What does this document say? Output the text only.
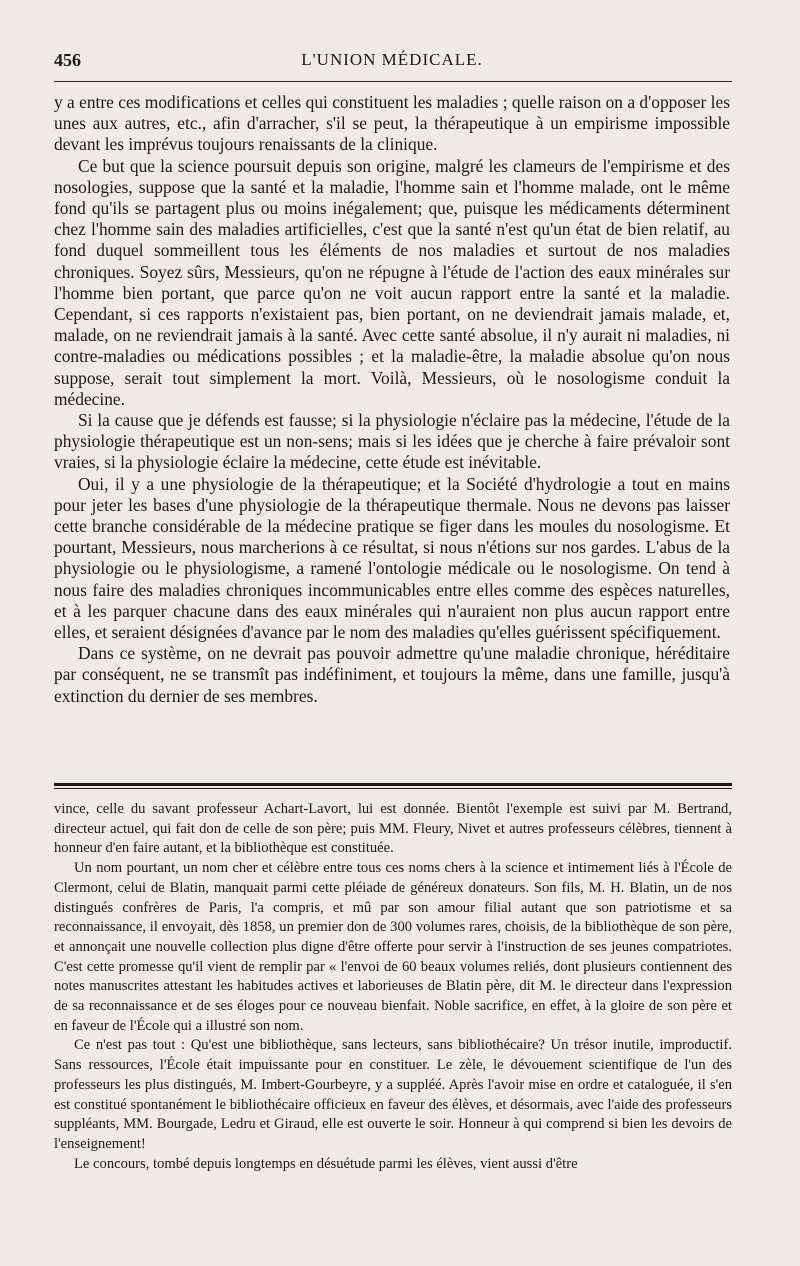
456	L'UNION MÉDICALE.

y a entre ces modifications et celles qui constituent les maladies ; quelle raison on a d'opposer les unes aux autres, etc., afin d'arracher, s'il se peut, la thérapeutique à un empirisme impossible devant les imprévus toujours renaissants de la clinique.

Ce but que la science poursuit depuis son origine, malgré les clameurs de l'empirisme et des nosologies, suppose que la santé et la maladie, l'homme sain et l'homme malade, ont le même fond qu'ils se partagent plus ou moins inégalement; que, puisque les médicaments déterminent chez l'homme sain des maladies artificielles, c'est que la santé n'est qu'un état de bien relatif, au fond duquel sommeillent tous les éléments de nos maladies et surtout de nos maladies chroniques. Soyez sûrs, Messieurs, qu'on ne répugne à l'étude de l'action des eaux minérales sur l'homme bien portant, que parce qu'on ne voit aucun rapport entre la santé et la maladie. Cependant, si ces rapports n'existaient pas, bien portant, on ne deviendrait jamais malade, et, malade, on ne reviendrait jamais à la santé. Avec cette santé absolue, il n'y aurait ni maladies, ni contre-maladies ou médications possibles ; et la maladie-être, la maladie absolue qu'on nous suppose, serait tout simplement la mort. Voilà, Messieurs, où le nosologisme conduit la médecine.

Si la cause que je défends est fausse; si la physiologie n'éclaire pas la médecine, l'étude de la physiologie thérapeutique est un non-sens; mais si les idées que je cherche à faire prévaloir sont vraies, si la physiologie éclaire la médecine, cette étude est inévitable.

Oui, il y a une physiologie de la thérapeutique; et la Société d'hydrologie a tout en mains pour jeter les bases d'une physiologie de la thérapeutique thermale. Nous ne devons pas laisser cette branche considérable de la médecine pratique se figer dans les moules du nosologisme. Et pourtant, Messieurs, nous marcherions à ce résultat, si nous n'étions sur nos gardes. L'abus de la physiologie ou le physiologisme, a ramené l'ontologie médicale ou le nosologisme. On tend à nous faire des maladies chroniques incommunicables entre elles comme des espèces naturelles, et à les parquer chacune dans des eaux minérales qui n'auraient non plus aucun rapport entre elles, et seraient désignées d'avance par le nom des maladies qu'elles guérissent spécifiquement.

Dans ce système, on ne devrait pas pouvoir admettre qu'une maladie chronique, héréditaire par conséquent, ne se transmît pas indéfiniment, et toujours la même, dans une famille, jusqu'à extinction du dernier de ses membres.

vince, celle du savant professeur Achart-Lavort, lui est donnée. Bientôt l'exemple est suivi par M. Bertrand, directeur actuel, qui fait don de celle de son père; puis MM. Fleury, Nivet et autres professeurs célèbres, tiennent à honneur d'en faire autant, et la bibliothèque est constituée.

Un nom pourtant, un nom cher et célèbre entre tous ces noms chers à la science et intimement liés à l'École de Clermont, celui de Blatin, manquait parmi cette pléiade de généreux donateurs. Son fils, M. H. Blatin, un de nos distingués confrères de Paris, l'a compris, et mû par son amour filial autant que son patriotisme et sa reconnaissance, il envoyait, dès 1858, un premier don de 300 volumes rares, choisis, de la bibliothèque de son père, et annonçait une nouvelle collection plus digne d'être offerte pour servir à l'instruction de ses jeunes compatriotes. C'est cette promesse qu'il vient de remplir par « l'envoi de 60 beaux volumes reliés, dont plusieurs contiennent des notes manuscrites attestant les habitudes actives et laborieuses de Blatin père, dit M. le directeur dans l'expression de sa reconnaissance et de ses éloges pour ce nouveau bienfait. Noble sacrifice, en effet, à la gloire de son père et en faveur de l'École qui a illustré son nom.

Ce n'est pas tout : Qu'est une bibliothèque, sans lecteurs, sans bibliothécaire? Un trésor inutile, improductif. Sans ressources, l'École était impuissante pour en constituer. Le zèle, le dévouement scientifique de l'un des professeurs les plus distingués, M. Imbert-Gourbeyre, y a suppléé. Après l'avoir mise en ordre et cataloguée, il s'en est constitué spontanément le bibliothécaire officieux en faveur des élèves, et désormais, avec l'aide des professeurs suppléants, MM. Bourgade, Ledru et Giraud, elle est ouverte le soir. Honneur à qui comprend si bien les devoirs de l'enseignement!

Le concours, tombé depuis longtemps en désuétude parmi les élèves, vient aussi d'être
